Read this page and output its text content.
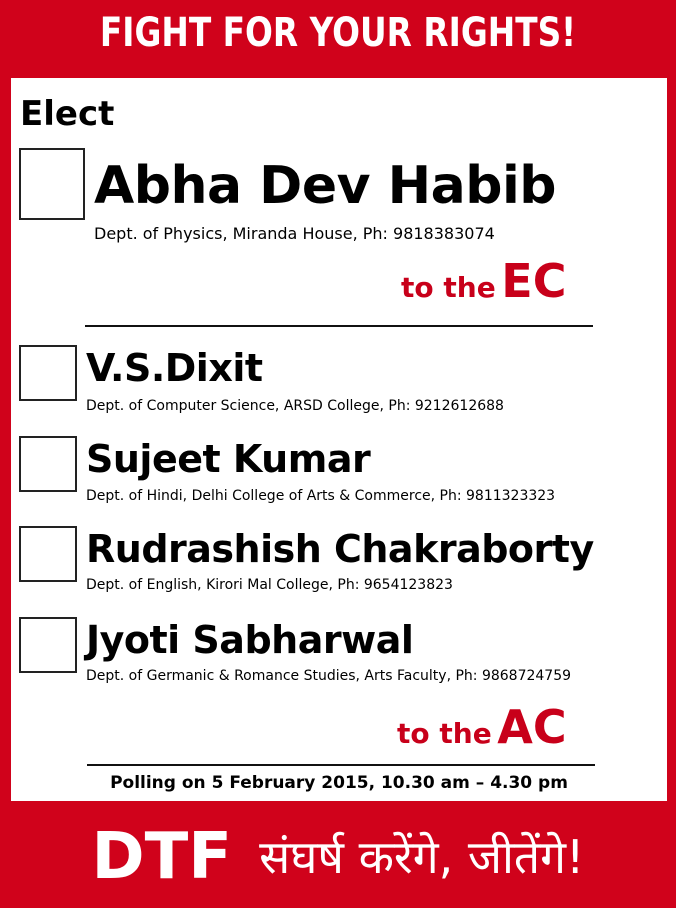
FIGHT FOR YOUR RIGHTS!
Elect
Abha Dev Habib
Dept. of Physics, Miranda House, Ph: 9818383074
to the EC
V.S.Dixit
Dept. of Computer Science, ARSD College, Ph: 9212612688
Sujeet Kumar
Dept. of Hindi, Delhi College of Arts & Commerce, Ph: 9811323323
Rudrashish Chakraborty
Dept. of English, Kirori Mal College, Ph: 9654123823
Jyoti Sabharwal
Dept. of Germanic & Romance Studies, Arts Faculty, Ph: 9868724759
to the AC
Polling on 5 February 2015, 10.30 am – 4.30 pm
DTF संघर्ष करेंगे, जीतेंगे!
